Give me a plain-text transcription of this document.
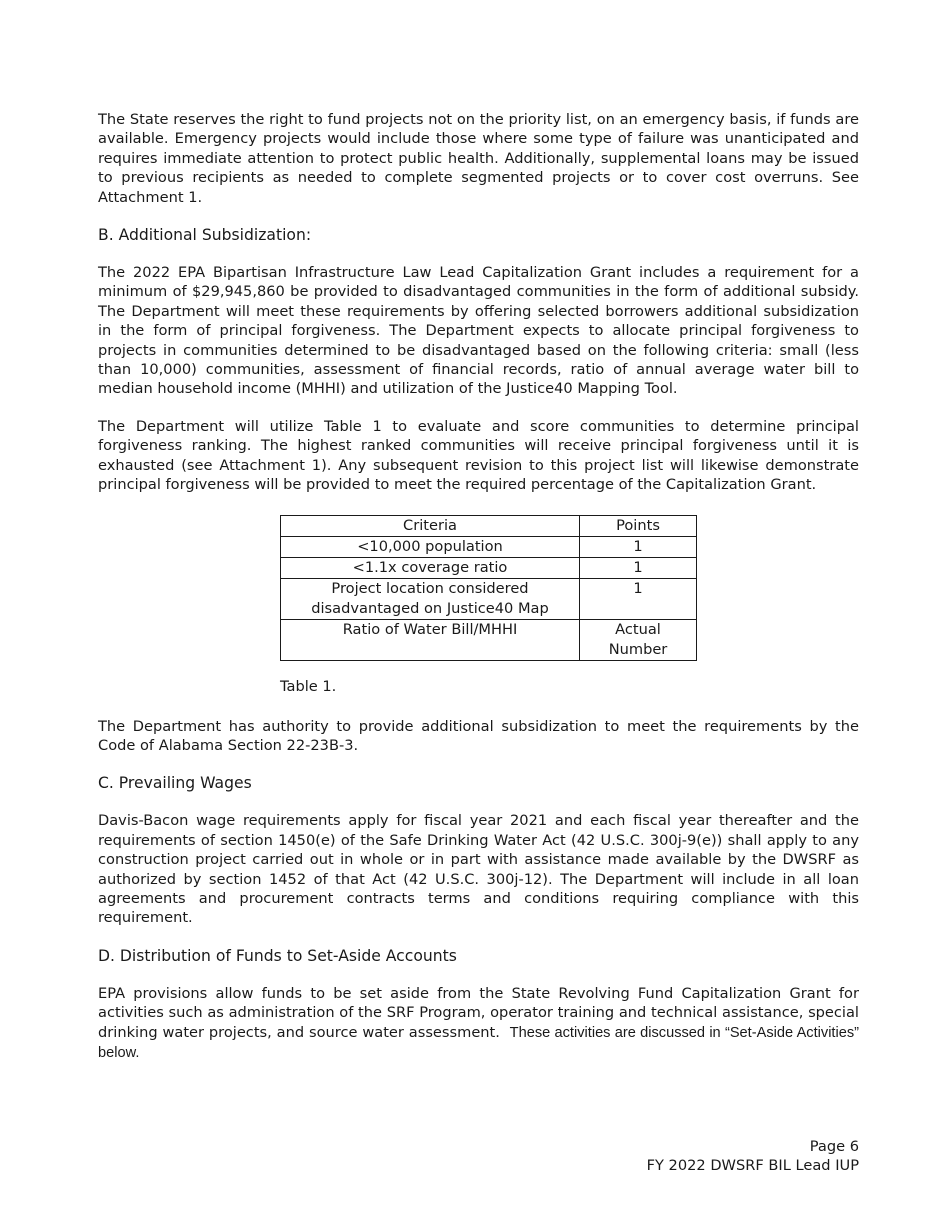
The State reserves the right to fund projects not on the priority list, on an emergency basis, if funds are available. Emergency projects would include those where some type of failure was unanticipated and requires immediate attention to protect public health. Additionally, supplemental loans may be issued to previous recipients as needed to complete segmented projects or to cover cost overruns. See Attachment 1.

B. Additional Subsidization:

The 2022 EPA Bipartisan Infrastructure Law Lead Capitalization Grant includes a requirement for a minimum of $29,945,860 be provided to disadvantaged communities in the form of additional subsidy. The Department will meet these requirements by offering selected borrowers additional subsidization in the form of principal forgiveness. The Department expects to allocate principal forgiveness to projects in communities determined to be disadvantaged based on the following criteria: small (less than 10,000) communities, assessment of financial records, ratio of annual average water bill to median household income (MHHI) and utilization of the Justice40 Mapping Tool.

The Department will utilize Table 1 to evaluate and score communities to determine principal forgiveness ranking. The highest ranked communities will receive principal forgiveness until it is exhausted (see Attachment 1). Any subsequent revision to this project list will likewise demonstrate principal forgiveness will be provided to meet the required percentage of the Capitalization Grant.

Criteria	Points
<10,000 population	1
<1.1x coverage ratio	1
Project location considered disadvantaged on Justice40 Map	1
Ratio of Water Bill/MHHI	Actual Number
Table 1.

The Department has authority to provide additional subsidization to meet the requirements by the Code of Alabama Section 22-23B-3.

C. Prevailing Wages

Davis-Bacon wage requirements apply for fiscal year 2021 and each fiscal year thereafter and the requirements of section 1450(e) of the Safe Drinking Water Act (42 U.S.C. 300j-9(e)) shall apply to any construction project carried out in whole or in part with assistance made available by the DWSRF as authorized by section 1452 of that Act (42 U.S.C. 300j-12). The Department will include in all loan agreements and procurement contracts terms and conditions requiring compliance with this requirement.

D. Distribution of Funds to Set-Aside Accounts

EPA provisions allow funds to be set aside from the State Revolving Fund Capitalization Grant for activities such as administration of the SRF Program, operator training and technical assistance, special drinking water projects, and source water assessment. These activities are discussed in “Set-Aside Activities” below.

Page 6
FY 2022 DWSRF BIL Lead IUP
